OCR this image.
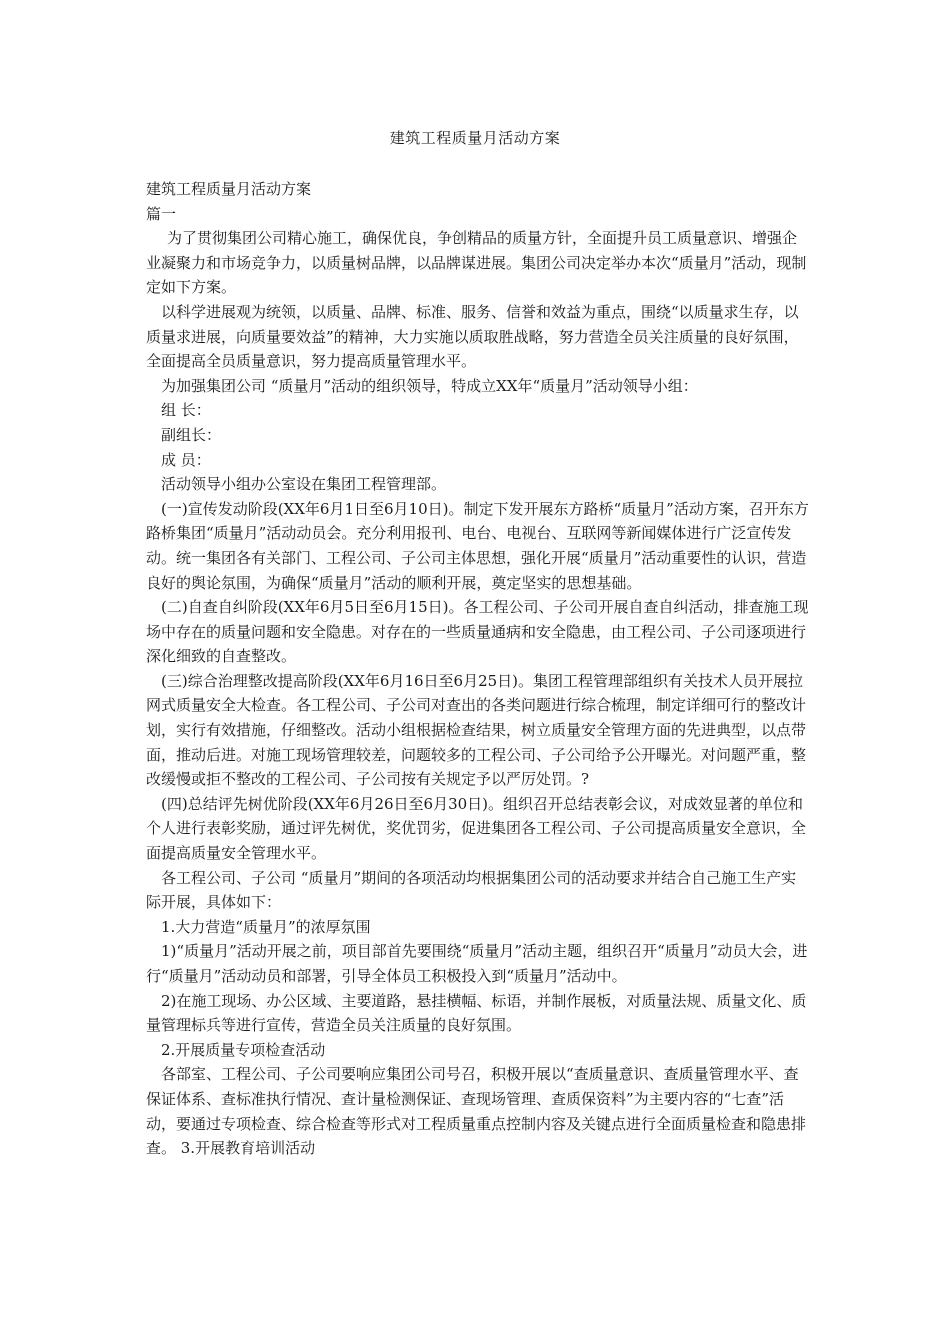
建筑工程质量月活动方案

建筑工程质量月活动方案

篇一

为了贯彻集团公司精心施工，确保优良，争创精品的质量方针，全面提升员工质量意识、增强企业凝聚力和市场竞争力，以质量树品牌，以品牌谋进展。集团公司决定举办本次“质量月”活动，现制定如下方案。

以科学进展观为统领，以质量、品牌、标准、服务、信誉和效益为重点，围绕“以质量求生存，以质量求进展，向质量要效益”的精神，大力实施以质取胜战略，努力营造全员关注质量的良好氛围，全面提高全员质量意识，努力提高质量管理水平。

为加强集团公司 “质量月”活动的组织领导，特成立XX年“质量月”活动领导小组：

组 长：

副组长：

成 员：

活动领导小组办公室设在集团工程管理部。

(一)宣传发动阶段(XX年6月1日至6月10日)。制定下发开展东方路桥“质量月”活动方案，召开东方路桥集团“质量月”活动动员会。充分利用报刊、电台、电视台、互联网等新闻媒体进行广泛宣传发动。统一集团各有关部门、工程公司、子公司主体思想，强化开展“质量月”活动重要性的认识，营造良好的舆论氛围，为确保“质量月”活动的顺利开展，奠定坚实的思想基础。

(二)自查自纠阶段(XX年6月5日至6月15日)。各工程公司、子公司开展自查自纠活动，排查施工现场中存在的质量问题和安全隐患。对存在的一些质量通病和安全隐患，由工程公司、子公司逐项进行深化细致的自查整改。

(三)综合治理整改提高阶段(XX年6月16日至6月25日)。集团工程管理部组织有关技术人员开展拉网式质量安全大检查。各工程公司、子公司对查出的各类问题进行综合梳理，制定详细可行的整改计划，实行有效措施，仔细整改。活动小组根据检查结果，树立质量安全管理方面的先进典型，以点带面，推动后进。对施工现场管理较差，问题较多的工程公司、子公司给予公开曝光。对问题严重，整改缓慢或拒不整改的工程公司、子公司按有关规定予以严厉处罚。?

(四)总结评先树优阶段(XX年6月26日至6月30日)。组织召开总结表彰会议，对成效显著的单位和个人进行表彰奖励，通过评先树优，奖优罚劣，促进集团各工程公司、子公司提高质量安全意识，全面提高质量安全管理水平。

各工程公司、子公司 “质量月”期间的各项活动均根据集团公司的活动要求并结合自己施工生产实际开展，具体如下：

1.大力营造“质量月”的浓厚氛围

1)“质量月”活动开展之前，项目部首先要围绕“质量月”活动主题，组织召开“质量月”动员大会，进行“质量月”活动动员和部署，引导全体员工积极投入到“质量月”活动中。

2)在施工现场、办公区域、主要道路，悬挂横幅、标语，并制作展板，对质量法规、质量文化、质量管理标兵等进行宣传，营造全员关注质量的良好氛围。

2.开展质量专项检查活动

各部室、工程公司、子公司要响应集团公司号召，积极开展以“查质量意识、查质量管理水平、查保证体系、查标准执行情况、查计量检测保证、查现场管理、查质保资料”为主要内容的“七查”活动，要通过专项检查、综合检查等形式对工程质量重点控制内容及关键点进行全面质量检查和隐患排查。 3.开展教育培训活动
